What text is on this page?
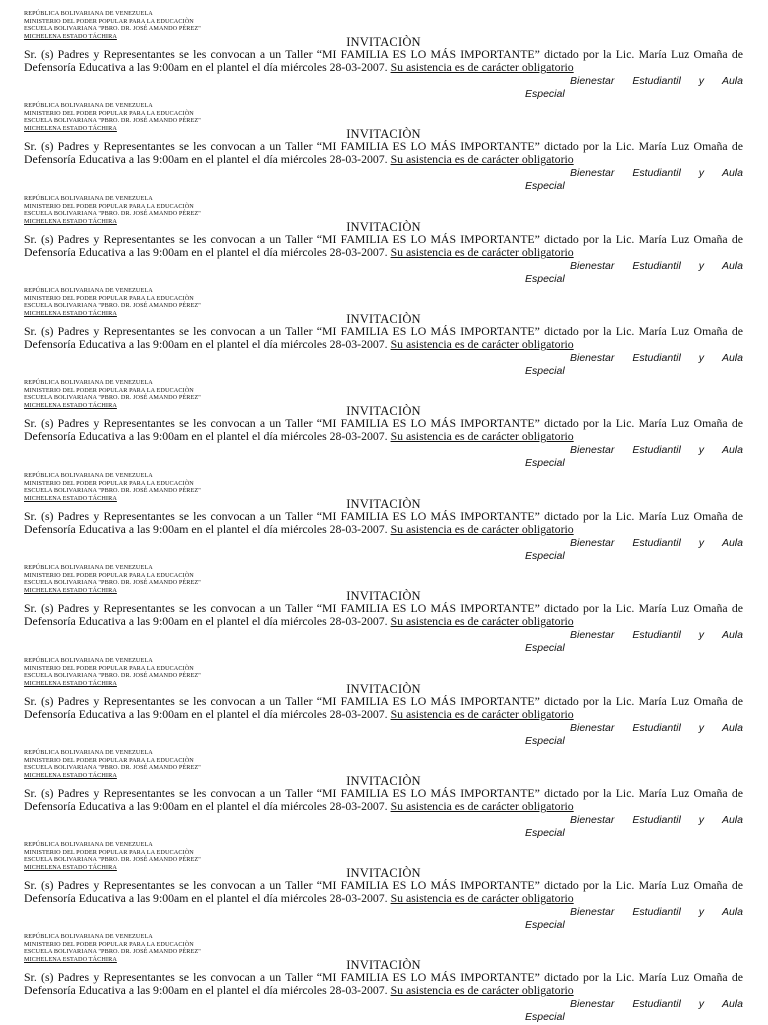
REPÚBLICA BOLIVARIANA DE VENEZUELA
MINISTERIO DEL PODER POPULAR PARA LA EDUCACIÒN
ESCUELA BOLIVARIANA "PBRO. DR. JOSÉ AMANDO PÉREZ"
MICHELENA ESTADO TÁCHIRA	INVITACIÒN
Sr. (s) Padres y Representantes se les convocan a un Taller “MI FAMILIA ES LO MÁS IMPORTANTE” dictado por la Lic. María Luz Omaña de Defensoría Educativa a las 9:00am en el plantel el día miércoles 28-03-2007. Su asistencia es de carácter obligatorio
Bienestar Estudiantil y Aula
Especial
REPÚBLICA BOLIVARIANA DE VENEZUELA
MINISTERIO DEL PODER POPULAR PARA LA EDUCACIÒN
ESCUELA BOLIVARIANA "PBRO. DR. JOSÉ AMANDO PÉREZ"
MICHELENA ESTADO TÁCHIRA	INVITACIÒN
Sr. (s) Padres y Representantes se les convocan a un Taller “MI FAMILIA ES LO MÁS IMPORTANTE” dictado por la Lic. María Luz Omaña de Defensoría Educativa a las 9:00am en el plantel el día miércoles 28-03-2007. Su asistencia es de carácter obligatorio
Bienestar Estudiantil y Aula
Especial
REPÚBLICA BOLIVARIANA DE VENEZUELA
MINISTERIO DEL PODER POPULAR PARA LA EDUCACIÒN
ESCUELA BOLIVARIANA "PBRO. DR. JOSÉ AMANDO PÉREZ"
MICHELENA ESTADO TÁCHIRA	INVITACIÒN
Sr. (s) Padres y Representantes se les convocan a un Taller “MI FAMILIA ES LO MÁS IMPORTANTE” dictado por la Lic. María Luz Omaña de Defensoría Educativa a las 9:00am en el plantel el día miércoles 28-03-2007. Su asistencia es de carácter obligatorio
Bienestar Estudiantil y Aula
Especial
REPÚBLICA BOLIVARIANA DE VENEZUELA
MINISTERIO DEL PODER POPULAR PARA LA EDUCACIÒN
ESCUELA BOLIVARIANA "PBRO. DR. JOSÉ AMANDO PÉREZ"
MICHELENA ESTADO TÁCHIRA	INVITACIÒN
Sr. (s) Padres y Representantes se les convocan a un Taller “MI FAMILIA ES LO MÁS IMPORTANTE” dictado por la Lic. María Luz Omaña de Defensoría Educativa a las 9:00am en el plantel el día miércoles 28-03-2007. Su asistencia es de carácter obligatorio
Bienestar Estudiantil y Aula
Especial
REPÚBLICA BOLIVARIANA DE VENEZUELA
MINISTERIO DEL PODER POPULAR PARA LA EDUCACIÒN
ESCUELA BOLIVARIANA "PBRO. DR. JOSÉ AMANDO PÉREZ"
MICHELENA ESTADO TÁCHIRA	INVITACIÒN
Sr. (s) Padres y Representantes se les convocan a un Taller “MI FAMILIA ES LO MÁS IMPORTANTE” dictado por la Lic. María Luz Omaña de Defensoría Educativa a las 9:00am en el plantel el día miércoles 28-03-2007. Su asistencia es de carácter obligatorio
Bienestar Estudiantil y Aula
Especial
REPÚBLICA BOLIVARIANA DE VENEZUELA
MINISTERIO DEL PODER POPULAR PARA LA EDUCACIÒN
ESCUELA BOLIVARIANA "PBRO. DR. JOSÉ AMANDO PÉREZ"
MICHELENA ESTADO TÁCHIRA	INVITACIÒN
Sr. (s) Padres y Representantes se les convocan a un Taller “MI FAMILIA ES LO MÁS IMPORTANTE” dictado por la Lic. María Luz Omaña de Defensoría Educativa a las 9:00am en el plantel el día miércoles 28-03-2007. Su asistencia es de carácter obligatorio
Bienestar Estudiantil y Aula
Especial
REPÚBLICA BOLIVARIANA DE VENEZUELA
MINISTERIO DEL PODER POPULAR PARA LA EDUCACIÒN
ESCUELA BOLIVARIANA "PBRO. DR. JOSÉ AMANDO PÉREZ"
MICHELENA ESTADO TÁCHIRA	INVITACIÒN
Sr. (s) Padres y Representantes se les convocan a un Taller “MI FAMILIA ES LO MÁS IMPORTANTE” dictado por la Lic. María Luz Omaña de Defensoría Educativa a las 9:00am en el plantel el día miércoles 28-03-2007. Su asistencia es de carácter obligatorio
Bienestar Estudiantil y Aula
Especial
REPÚBLICA BOLIVARIANA DE VENEZUELA
MINISTERIO DEL PODER POPULAR PARA LA EDUCACIÒN
ESCUELA BOLIVARIANA "PBRO. DR. JOSÉ AMANDO PÉREZ"
MICHELENA ESTADO TÁCHIRA	INVITACIÒN
Sr. (s) Padres y Representantes se les convocan a un Taller “MI FAMILIA ES LO MÁS IMPORTANTE” dictado por la Lic. María Luz Omaña de Defensoría Educativa a las 9:00am en el plantel el día miércoles 28-03-2007. Su asistencia es de carácter obligatorio
Bienestar Estudiantil y Aula
Especial
REPÚBLICA BOLIVARIANA DE VENEZUELA
MINISTERIO DEL PODER POPULAR PARA LA EDUCACIÒN
ESCUELA BOLIVARIANA "PBRO. DR. JOSÉ AMANDO PÉREZ"
MICHELENA ESTADO TÁCHIRA	INVITACIÒN
Sr. (s) Padres y Representantes se les convocan a un Taller “MI FAMILIA ES LO MÁS IMPORTANTE” dictado por la Lic. María Luz Omaña de Defensoría Educativa a las 9:00am en el plantel el día miércoles 28-03-2007. Su asistencia es de carácter obligatorio
Bienestar Estudiantil y Aula
Especial
REPÚBLICA BOLIVARIANA DE VENEZUELA
MINISTERIO DEL PODER POPULAR PARA LA EDUCACIÒN
ESCUELA BOLIVARIANA "PBRO. DR. JOSÉ AMANDO PÉREZ"
MICHELENA ESTADO TÁCHIRA	INVITACIÒN
Sr. (s) Padres y Representantes se les convocan a un Taller “MI FAMILIA ES LO MÁS IMPORTANTE” dictado por la Lic. María Luz Omaña de Defensoría Educativa a las 9:00am en el plantel el día miércoles 28-03-2007. Su asistencia es de carácter obligatorio
Bienestar Estudiantil y Aula
Especial
REPÚBLICA BOLIVARIANA DE VENEZUELA
MINISTERIO DEL PODER POPULAR PARA LA EDUCACIÒN
ESCUELA BOLIVARIANA "PBRO. DR. JOSÉ AMANDO PÉREZ"
MICHELENA ESTADO TÁCHIRA	INVITACIÒN
Sr. (s) Padres y Representantes se les convocan a un Taller “MI FAMILIA ES LO MÁS IMPORTANTE” dictado por la Lic. María Luz Omaña de Defensoría Educativa a las 9:00am en el plantel el día miércoles 28-03-2007. Su asistencia es de carácter obligatorio
Bienestar Estudiantil y Aula
Especial
